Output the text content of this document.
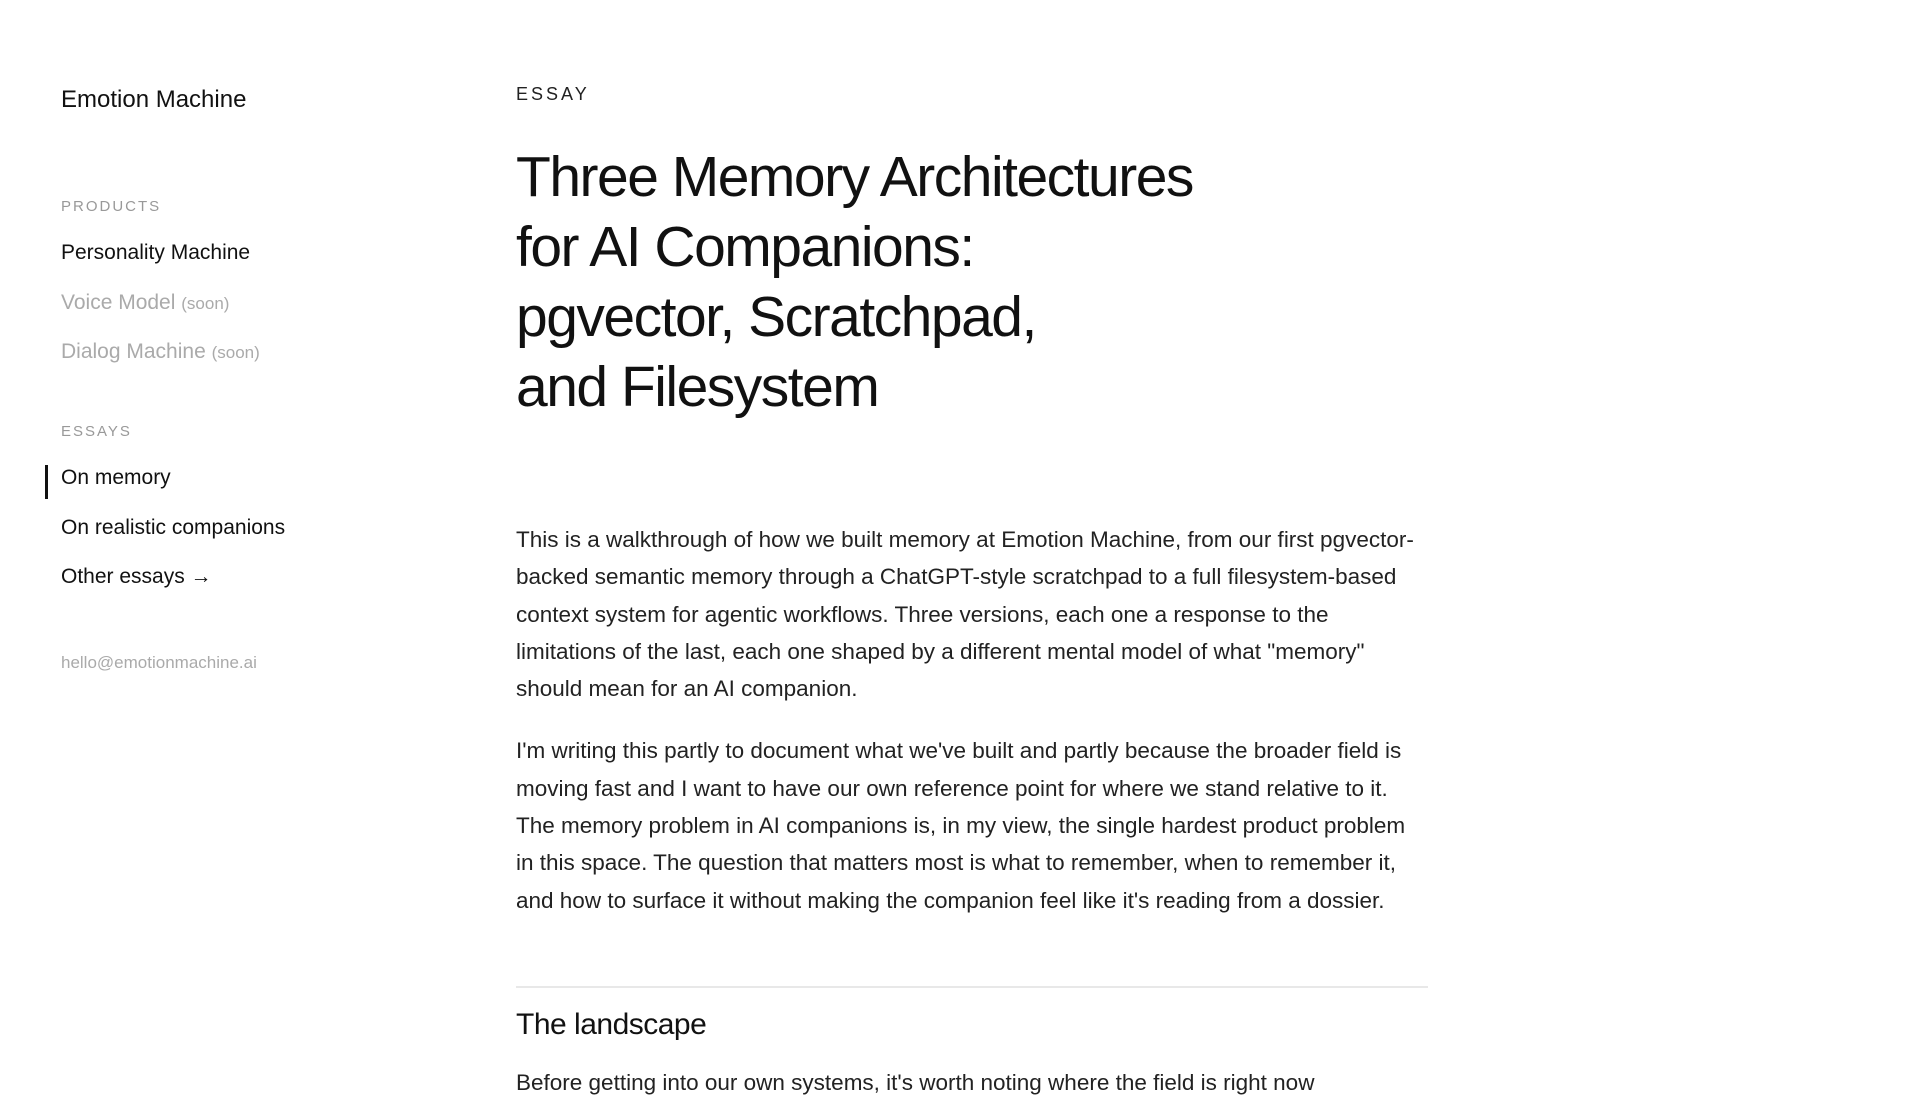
Emotion Machine
PRODUCTS
Personality Machine
Voice Model (soon)
Dialog Machine (soon)
ESSAYS
On memory
On realistic companions
Other essays →
hello@emotionmachine.ai
ESSAY
Three Memory Architectures
for AI Companions:
pgvector, Scratchpad,
and Filesystem

This is a walkthrough of how we built memory at Emotion Machine, from our first pgvector-backed semantic memory through a ChatGPT-style scratchpad to a full filesystem-based context system for agentic workflows. Three versions, each one a response to the limitations of the last, each one shaped by a different mental model of what "memory" should mean for an AI companion.

I'm writing this partly to document what we've built and partly because the broader field is moving fast and I want to have our own reference point for where we stand relative to it. The memory problem in AI companions is, in my view, the single hardest product problem in this space. The question that matters most is what to remember, when to remember it, and how to surface it without making the companion feel like it's reading from a dossier.

The landscape
Before getting into our own systems, it's worth noting where the field is right now
